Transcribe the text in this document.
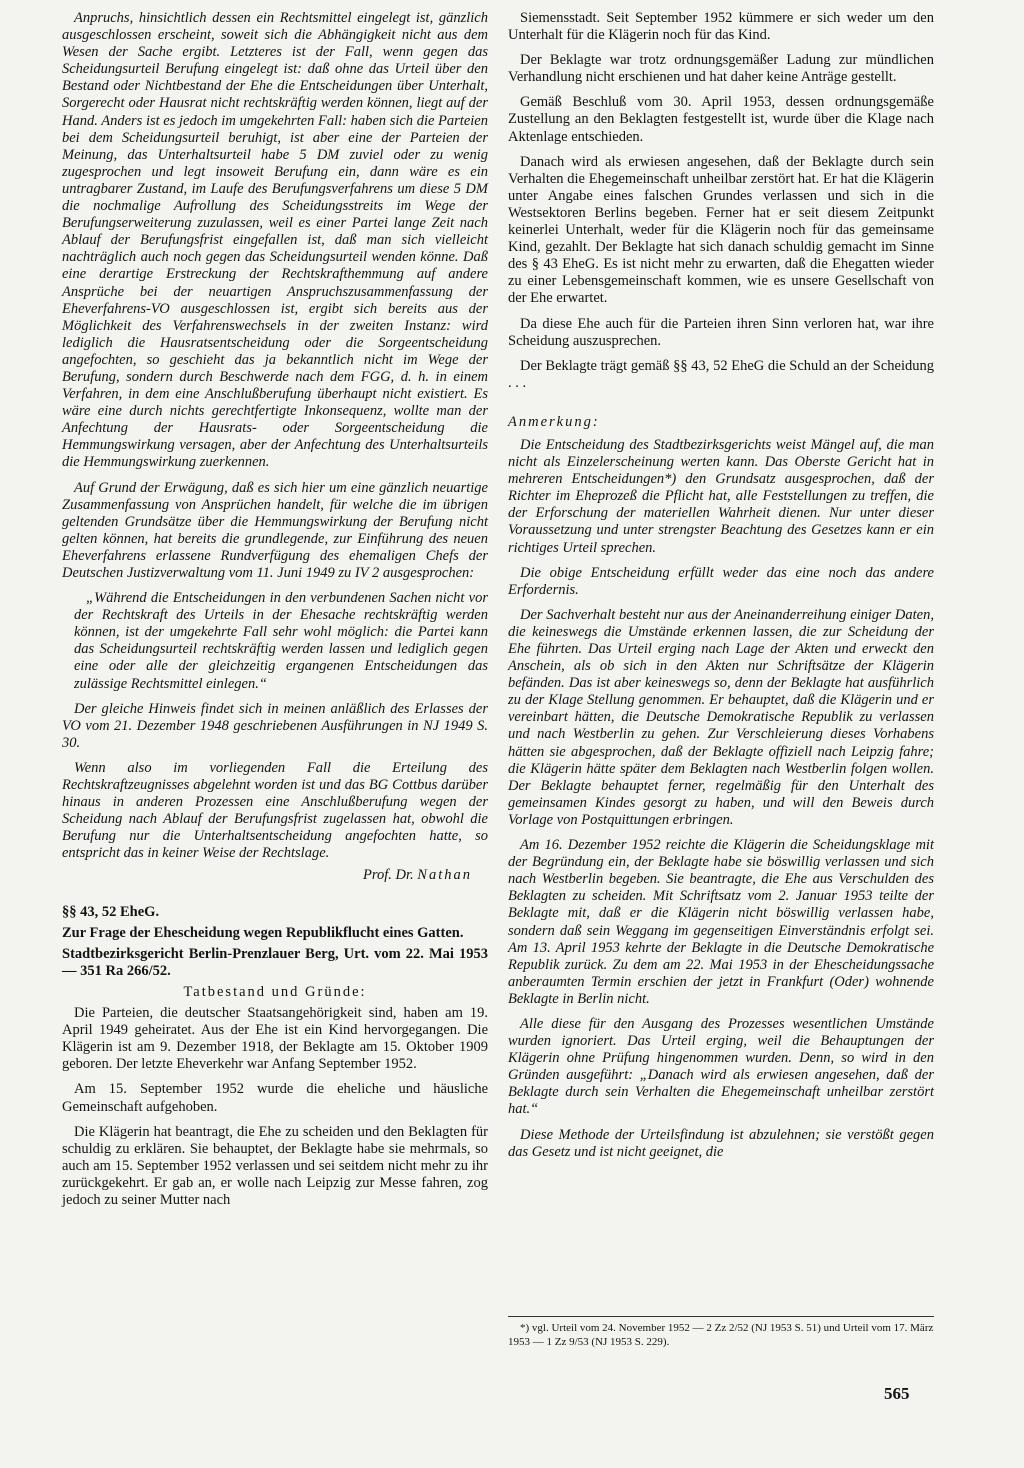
Anpruchs, hinsichtlich dessen ein Rechtsmittel eingelegt ist, gänzlich ausgeschlossen erscheint, soweit sich die Abhängigkeit nicht aus dem Wesen der Sache ergibt. Letzteres ist der Fall, wenn gegen das Scheidungsurteil Berufung eingelegt ist: daß ohne das Urteil über den Bestand oder Nichtbestand der Ehe die Entscheidungen über Unterhalt, Sorgerecht oder Hausrat nicht rechtskräftig werden können, liegt auf der Hand. Anders ist es jedoch im umgekehrten Fall: haben sich die Parteien bei dem Scheidungsurteil beruhigt, ist aber eine der Parteien der Meinung, das Unterhaltsurteil habe 5 DM zuviel oder zu wenig zugesprochen und legt insoweit Berufung ein, dann wäre es ein untragbarer Zustand, im Laufe des Berufungsverfahrens um diese 5 DM die nochmalige Aufrollung des Scheidungsstreits im Wege der Berufungserweiterung zuzulassen, weil es einer Partei lange Zeit nach Ablauf der Berufungsfrist eingefallen ist, daß man sich vielleicht nachträglich auch noch gegen das Scheidungsurteil wenden könne. Daß eine derartige Erstreckung der Rechtskrafthemmung auf andere Ansprüche bei der neuartigen Anspruchszusammenfassung der Eheverfahrens-VO ausgeschlossen ist, ergibt sich bereits aus der Möglichkeit des Verfahrenswechsels in der zweiten Instanz: wird lediglich die Hausratsentscheidung oder die Sorgeentscheidung angefochten, so geschieht das ja bekanntlich nicht im Wege der Berufung, sondern durch Beschwerde nach dem FGG, d. h. in einem Verfahren, in dem eine Anschlußberufung überhaupt nicht existiert. Es wäre eine durch nichts gerechtfertigte Inkonsequenz, wollte man der Anfechtung der Hausrats- oder Sorgeentscheidung die Hemmungswirkung versagen, aber der Anfechtung des Unterhaltsurteils die Hemmungswirkung zuerkennen.

Auf Grund der Erwägung, daß es sich hier um eine gänzlich neuartige Zusammenfassung von Ansprüchen handelt, für welche die im übrigen geltenden Grundsätze über die Hemmungswirkung der Berufung nicht gelten können, hat bereits die grundlegende, zur Einführung des neuen Eheverfahrens erlassene Rundverfügung des ehemaligen Chefs der Deutschen Justizverwaltung vom 11. Juni 1949 zu IV 2 ausgesprochen:

„Während die Entscheidungen in den verbundenen Sachen nicht vor der Rechtskraft des Urteils in der Ehesache rechtskräftig werden können, ist der umgekehrte Fall sehr wohl möglich: die Partei kann das Scheidungsurteil rechtskräftig werden lassen und lediglich gegen eine oder alle der gleichzeitig ergangenen Entscheidungen das zulässige Rechtsmittel einlegen.“

Der gleiche Hinweis findet sich in meinen anläßlich des Erlasses der VO vom 21. Dezember 1948 geschriebenen Ausführungen in NJ 1949 S. 30.

Wenn also im vorliegenden Fall die Erteilung des Rechtskraftzeugnisses abgelehnt worden ist und das BG Cottbus darüber hinaus in anderen Prozessen eine Anschlußberufung wegen der Scheidung nach Ablauf der Berufungsfrist zugelassen hat, obwohl die Berufung nur die Unterhaltsentscheidung angefochten hatte, so entspricht das in keiner Weise der Rechtslage.

Prof. Dr. Nathan

§§ 43, 52 EheG.

Zur Frage der Ehescheidung wegen Republikflucht eines Gatten.

Stadtbezirksgericht Berlin-Prenzlauer Berg, Urt. vom 22. Mai 1953 — 351 Ra 266/52.

Tatbestand und Gründe:

Die Parteien, die deutscher Staatsangehörigkeit sind, haben am 19. April 1949 geheiratet. Aus der Ehe ist ein Kind hervorgegangen. Die Klägerin ist am 9. Dezember 1918, der Beklagte am 15. Oktober 1909 geboren. Der letzte Eheverkehr war Anfang September 1952.

Am 15. September 1952 wurde die eheliche und häusliche Gemeinschaft aufgehoben.

Die Klägerin hat beantragt, die Ehe zu scheiden und den Beklagten für schuldig zu erklären. Sie behauptet, der Beklagte habe sie mehrmals, so auch am 15. September 1952 verlassen und sei seitdem nicht mehr zu ihr zurückgekehrt. Er gab an, er wolle nach Leipzig zur Messe fahren, zog jedoch zu seiner Mutter nach

Siemensstadt. Seit September 1952 kümmere er sich weder um den Unterhalt für die Klägerin noch für das Kind.

Der Beklagte war trotz ordnungsgemäßer Ladung zur mündlichen Verhandlung nicht erschienen und hat daher keine Anträge gestellt.

Gemäß Beschluß vom 30. April 1953, dessen ordnungsgemäße Zustellung an den Beklagten festgestellt ist, wurde über die Klage nach Aktenlage entschieden.

Danach wird als erwiesen angesehen, daß der Beklagte durch sein Verhalten die Ehegemeinschaft unheilbar zerstört hat. Er hat die Klägerin unter Angabe eines falschen Grundes verlassen und sich in die Westsektoren Berlins begeben. Ferner hat er seit diesem Zeitpunkt keinerlei Unterhalt, weder für die Klägerin noch für das gemeinsame Kind, gezahlt. Der Beklagte hat sich danach schuldig gemacht im Sinne des § 43 EheG. Es ist nicht mehr zu erwarten, daß die Ehegatten wieder zu einer Lebensgemeinschaft kommen, wie es unsere Gesellschaft von der Ehe erwartet.

Da diese Ehe auch für die Parteien ihren Sinn verloren hat, war ihre Scheidung auszusprechen.

Der Beklagte trägt gemäß §§ 43, 52 EheG die Schuld an der Scheidung . . .

Anmerkung:

Die Entscheidung des Stadtbezirksgerichts weist Mängel auf, die man nicht als Einzelerscheinung werten kann. Das Oberste Gericht hat in mehreren Entscheidungen*) den Grundsatz ausgesprochen, daß der Richter im Eheprozeß die Pflicht hat, alle Feststellungen zu treffen, die der Erforschung der materiellen Wahrheit dienen. Nur unter dieser Voraussetzung und unter strengster Beachtung des Gesetzes kann er ein richtiges Urteil sprechen.

Die obige Entscheidung erfüllt weder das eine noch das andere Erfordernis.

Der Sachverhalt besteht nur aus der Aneinanderreihung einiger Daten, die keineswegs die Umstände erkennen lassen, die zur Scheidung der Ehe führten. Das Urteil erging nach Lage der Akten und erweckt den Anschein, als ob sich in den Akten nur Schriftsätze der Klägerin befänden. Das ist aber keineswegs so, denn der Beklagte hat ausführlich zu der Klage Stellung genommen. Er behauptet, daß die Klägerin und er vereinbart hätten, die Deutsche Demokratische Republik zu verlassen und nach Westberlin zu gehen. Zur Verschleierung dieses Vorhabens hätten sie abgesprochen, daß der Beklagte offiziell nach Leipzig fahre; die Klägerin hätte später dem Beklagten nach Westberlin folgen wollen. Der Beklagte behauptet ferner, regelmäßig für den Unterhalt des gemeinsamen Kindes gesorgt zu haben, und will den Beweis durch Vorlage von Postquittungen erbringen.

Am 16. Dezember 1952 reichte die Klägerin die Scheidungsklage mit der Begründung ein, der Beklagte habe sie böswillig verlassen und sich nach Westberlin begeben. Sie beantragte, die Ehe aus Verschulden des Beklagten zu scheiden. Mit Schriftsatz vom 2. Januar 1953 teilte der Beklagte mit, daß er die Klägerin nicht böswillig verlassen habe, sondern daß sein Weggang im gegenseitigen Einverständnis erfolgt sei. Am 13. April 1953 kehrte der Beklagte in die Deutsche Demokratische Republik zurück. Zu dem am 22. Mai 1953 in der Ehescheidungssache anberaumten Termin erschien der jetzt in Frankfurt (Oder) wohnende Beklagte in Berlin nicht.

Alle diese für den Ausgang des Prozesses wesentlichen Umstände wurden ignoriert. Das Urteil erging, weil die Behauptungen der Klägerin ohne Prüfung hingenommen wurden. Denn, so wird in den Gründen ausgeführt: „Danach wird als erwiesen angesehen, daß der Beklagte durch sein Verhalten die Ehegemeinschaft unheilbar zerstört hat.“

Diese Methode der Urteilsfindung ist abzulehnen; sie verstößt gegen das Gesetz und ist nicht geeignet, die

*) vgl. Urteil vom 24. November 1952 — 2 Zz 2/52 (NJ 1953 S. 51) und Urteil vom 17. März 1953 — 1 Zz 9/53 (NJ 1953 S. 229).

565
